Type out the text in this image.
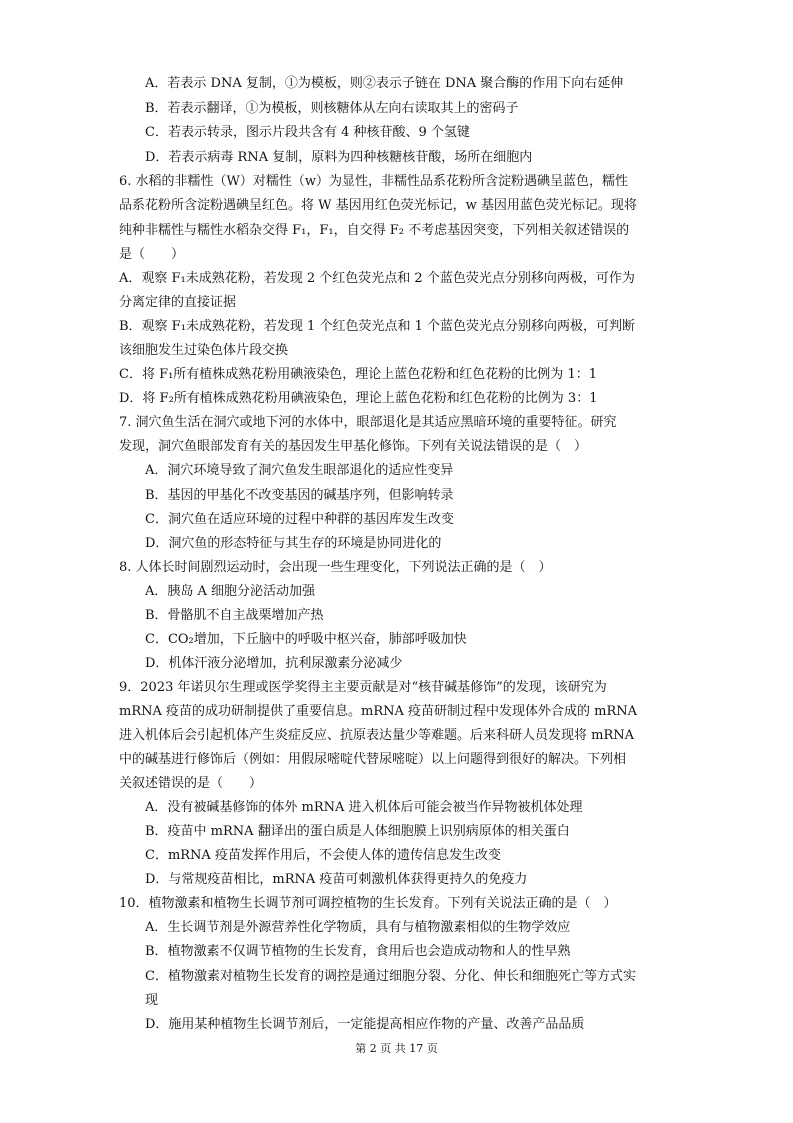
A．若表示 DNA 复制，①为模板，则②表示子链在 DNA 聚合酶的作用下向右延伸
B．若表示翻译，①为模板，则核糖体从左向右读取其上的密码子
C．若表示转录，图示片段共含有 4 种核苷酸、9 个氢键
D．若表示病毒 RNA 复制，原料为四种核糖核苷酸，场所在细胞内
6. 水稻的非糯性（W）对糯性（w）为显性，非糯性品系花粉所含淀粉遇碘呈蓝色，糯性
品系花粉所含淀粉遇碘呈红色。将 W 基因用红色荧光标记，w 基因用蓝色荧光标记。现将
纯种非糯性与糯性水稻杂交得 F₁，F₁，自交得 F₂ 不考虑基因突变，下列相关叙述错误的
是（　　）
A．观察 F₁未成熟花粉，若发现 2 个红色荧光点和 2 个蓝色荧光点分别移向两极，可作为
分离定律的直接证据
B．观察 F₁未成熟花粉，若发现 1 个红色荧光点和 1 个蓝色荧光点分别移向两极，可判断
该细胞发生过染色体片段交换
C．将 F₁所有植株成熟花粉用碘液染色，理论上蓝色花粉和红色花粉的比例为 1：1
D．将 F₂所有植株成熟花粉用碘液染色，理论上蓝色花粉和红色花粉的比例为 3：1
7. 洞穴鱼生活在洞穴或地下河的水体中，眼部退化是其适应黑暗环境的重要特征。研究
发现，洞穴鱼眼部发育有关的基因发生甲基化修饰。下列有关说法错误的是（　）
A．洞穴环境导致了洞穴鱼发生眼部退化的适应性变异
B．基因的甲基化不改变基因的碱基序列，但影响转录
C．洞穴鱼在适应环境的过程中种群的基因库发生改变
D．洞穴鱼的形态特征与其生存的环境是协同进化的
8. 人体长时间剧烈运动时，会出现一些生理变化，下列说法正确的是（　）
A．胰岛 A 细胞分泌活动加强
B．骨骼肌不自主战栗增加产热
C．CO₂增加，下丘脑中的呼吸中枢兴奋，肺部呼吸加快
D．机体汗液分泌增加，抗利尿激素分泌减少
9．2023 年诺贝尔生理或医学奖得主主要贡献是对“核苷碱基修饰”的发现，该研究为
mRNA 疫苗的成功研制提供了重要信息。mRNA 疫苗研制过程中发现体外合成的 mRNA
进入机体后会引起机体产生炎症反应、抗原表达量少等难题。后来科研人员发现将 mRNA
中的碱基进行修饰后（例如：用假尿嘧啶代替尿嘧啶）以上问题得到很好的解决。下列相
关叙述错误的是（　　）
A．没有被碱基修饰的体外 mRNA 进入机体后可能会被当作异物被机体处理
B．疫苗中 mRNA 翻译出的蛋白质是人体细胞膜上识别病原体的相关蛋白
C．mRNA 疫苗发挥作用后，不会使人体的遗传信息发生改变
D．与常规疫苗相比，mRNA 疫苗可刺激机体获得更持久的免疫力
10．植物激素和植物生长调节剂可调控植物的生长发育。下列有关说法正确的是（　）
A．生长调节剂是外源营养性化学物质，具有与植物激素相似的生物学效应
B．植物激素不仅调节植物的生长发育，食用后也会造成动物和人的性早熟
C．植物激素对植物生长发育的调控是通过细胞分裂、分化、伸长和细胞死亡等方式实
现
D．施用某种植物生长调节剂后，一定能提高相应作物的产量、改善产品品质
第 2 页 共 17 页
